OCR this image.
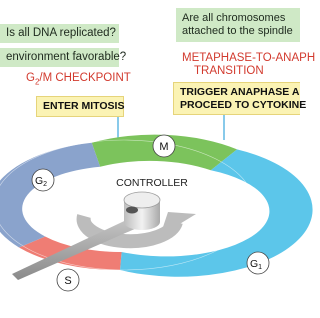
M
G2
S
G1
CONTROLLER
Is all DNA replicated?
environment favorable?
$G_2/M$ CHECKPOINT
ENTER MITOSIS
Are all chromosomes
attached to the spindle
METAPHASE-TO-ANAPH
TRANSITION
TRIGGER ANAPHASE A
PROCEED TO CYTOKINE
